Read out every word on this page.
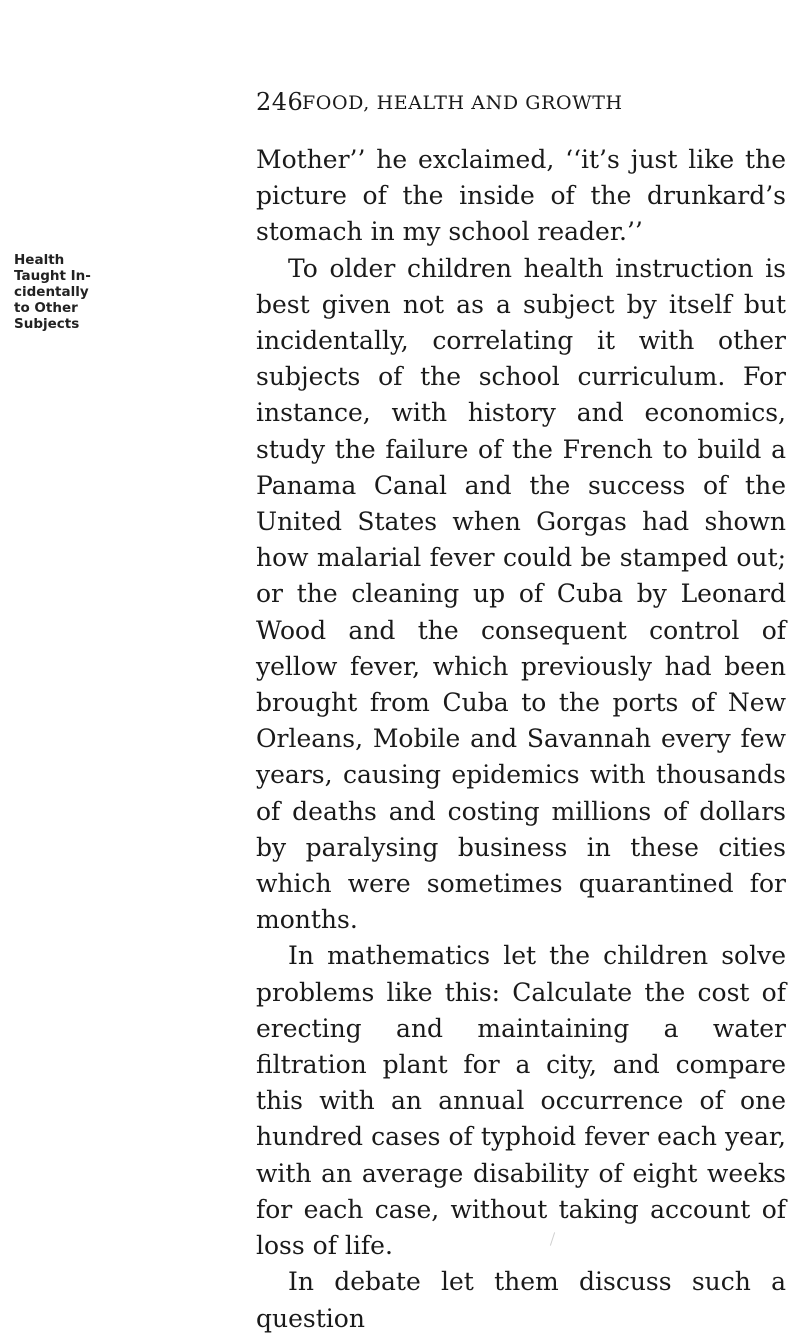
246
FOOD, HEALTH AND GROWTH
Health
Taught In-
cidentally
to Other
Subjects

Mother’’ he exclaimed, ‘‘it’s just like the picture of the inside of the drunkard’s stomach in my school reader.’’

To older children health instruction is best given not as a subject by itself but incidentally, correlating it with other subjects of the school curriculum. For instance, with history and economics, study the failure of the French to build a Panama Canal and the success of the United States when Gorgas had shown how malarial fever could be stamped out; or the cleaning up of Cuba by Leonard Wood and the consequent control of yellow fever, which previously had been brought from Cuba to the ports of New Orleans, Mobile and Savannah every few years, causing epidemics with thousands of deaths and costing millions of dollars by paralysing business in these cities which were sometimes quarantined for months.

In mathematics let the children solve problems like this: Calculate the cost of erecting and maintaining a water filtration plant for a city, and compare this with an annual occurrence of one hundred cases of typhoid fever each year, with an average disability of eight weeks for each case, without taking account of loss of life.

In debate let them discuss such a question
